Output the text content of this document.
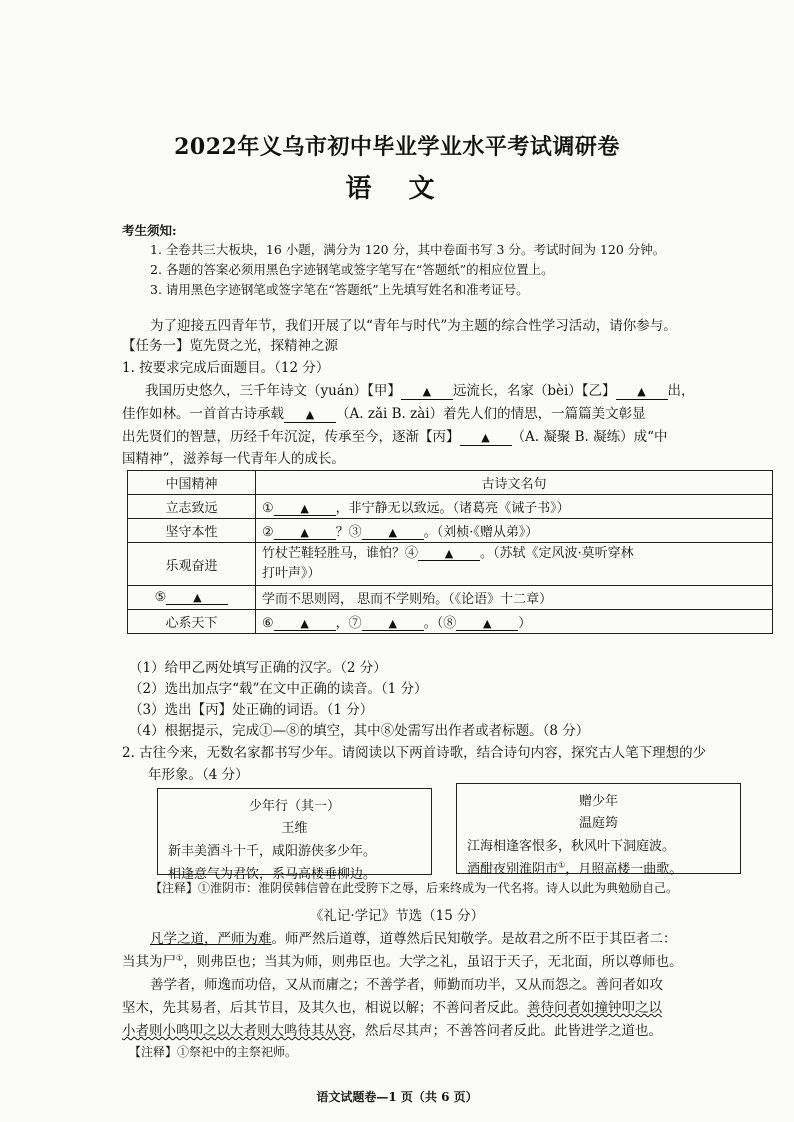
2022年义乌市初中毕业学业水平考试调研卷
语 文
考生须知:
1. 全卷共三大板块，16 小题，满分为 120 分，其中卷面书写 3 分。考试时间为 120 分钟。
2. 各题的答案必须用黑色字迹钢笔或签字笔写在“答题纸”的相应位置上。
3. 请用黑色字迹钢笔或签字笔在“答题纸”上先填写姓名和准考证号。
为了迎接五四青年节，我们开展了以“青年与时代”为主题的综合性学习活动，请你参与。
【任务一】览先贤之光，探精神之源
1. 按要求完成后面题目。（12 分）
我国历史悠久，三千年诗文（yuán）【甲】 ▲ 远流长，名家（bèi）【乙】 ▲ 出，
佳作如林。一首首古诗承载 ▲ （A. zǎi B. zài）着先人们的情思，一篇篇美文彰显
出先贤们的智慧，历经千年沉淀，传承至今，逐渐【丙】 ▲ （A. 凝聚 B. 凝练）成“中
国精神”，滋养每一代青年人的成长。
中国精神	古诗文名句
立志致远	① ▲ ，非宁静无以致远。（诸葛亮《诫子书》）
坚守本性	② ▲ ？③ ▲ 。（刘桢·《赠从弟》）
乐观奋进	竹杖芒鞋轻胜马，谁怕？④ ▲ 。（苏轼《定风波·莫听穿林
打叶声》）
⑤ ▲	学而不思则罔， 思而不学则殆。（《论语》十二章）
心系天下	⑥ ▲ ，⑦ ▲ 。（⑧ ▲ ）
（1）给甲乙两处填写正确的汉字。（2 分）
（2）选出加点字“载”在文中正确的读音。（1 分）
（3）选出【丙】处正确的词语。（1 分）
（4）根据提示，完成①—⑧的填空，其中⑧处需写出作者或者标题。（8 分）
2. 古往今来，无数名家都书写少年。请阅读以下两首诗歌，结合诗句内容，探究古人笔下理想的少
年形象。（4 分）
少年行（其一）
王维
新丰美酒斗十千，咸阳游侠多少年。
相逢意气为君饮，系马高楼垂柳边。
赠少年
温庭筠
江海相逢客恨多，秋风叶下洞庭波。
酒酣夜别淮阴市①，月照高楼一曲歌。
【注释】①淮阴市：淮阴侯韩信曾在此受胯下之辱，后来终成为一代名将。诗人以此为典勉励自己。
《礼记·学记》节选（15 分）
凡学之道，严师为难。师严然后道尊，道尊然后民知敬学。是故君之所不臣于其臣者二：
当其为尸①，则弗臣也；当其为师，则弗臣也。大学之礼，虽诏于天子，无北面，所以尊师也。
善学者，师逸而功倍，又从而庸之；不善学者，师勤而功半，又从而怨之。善问者如攻
坚木，先其易者，后其节目，及其久也，相说以解；不善问者反此。善待问者如撞钟叩之以
小者则小鸣叩之以大者则大鸣待其从容，然后尽其声；不善答问者反此。此皆进学之道也。
【注释】①祭祀中的主祭祀师。
语文试题卷—1 页（共 6 页）
